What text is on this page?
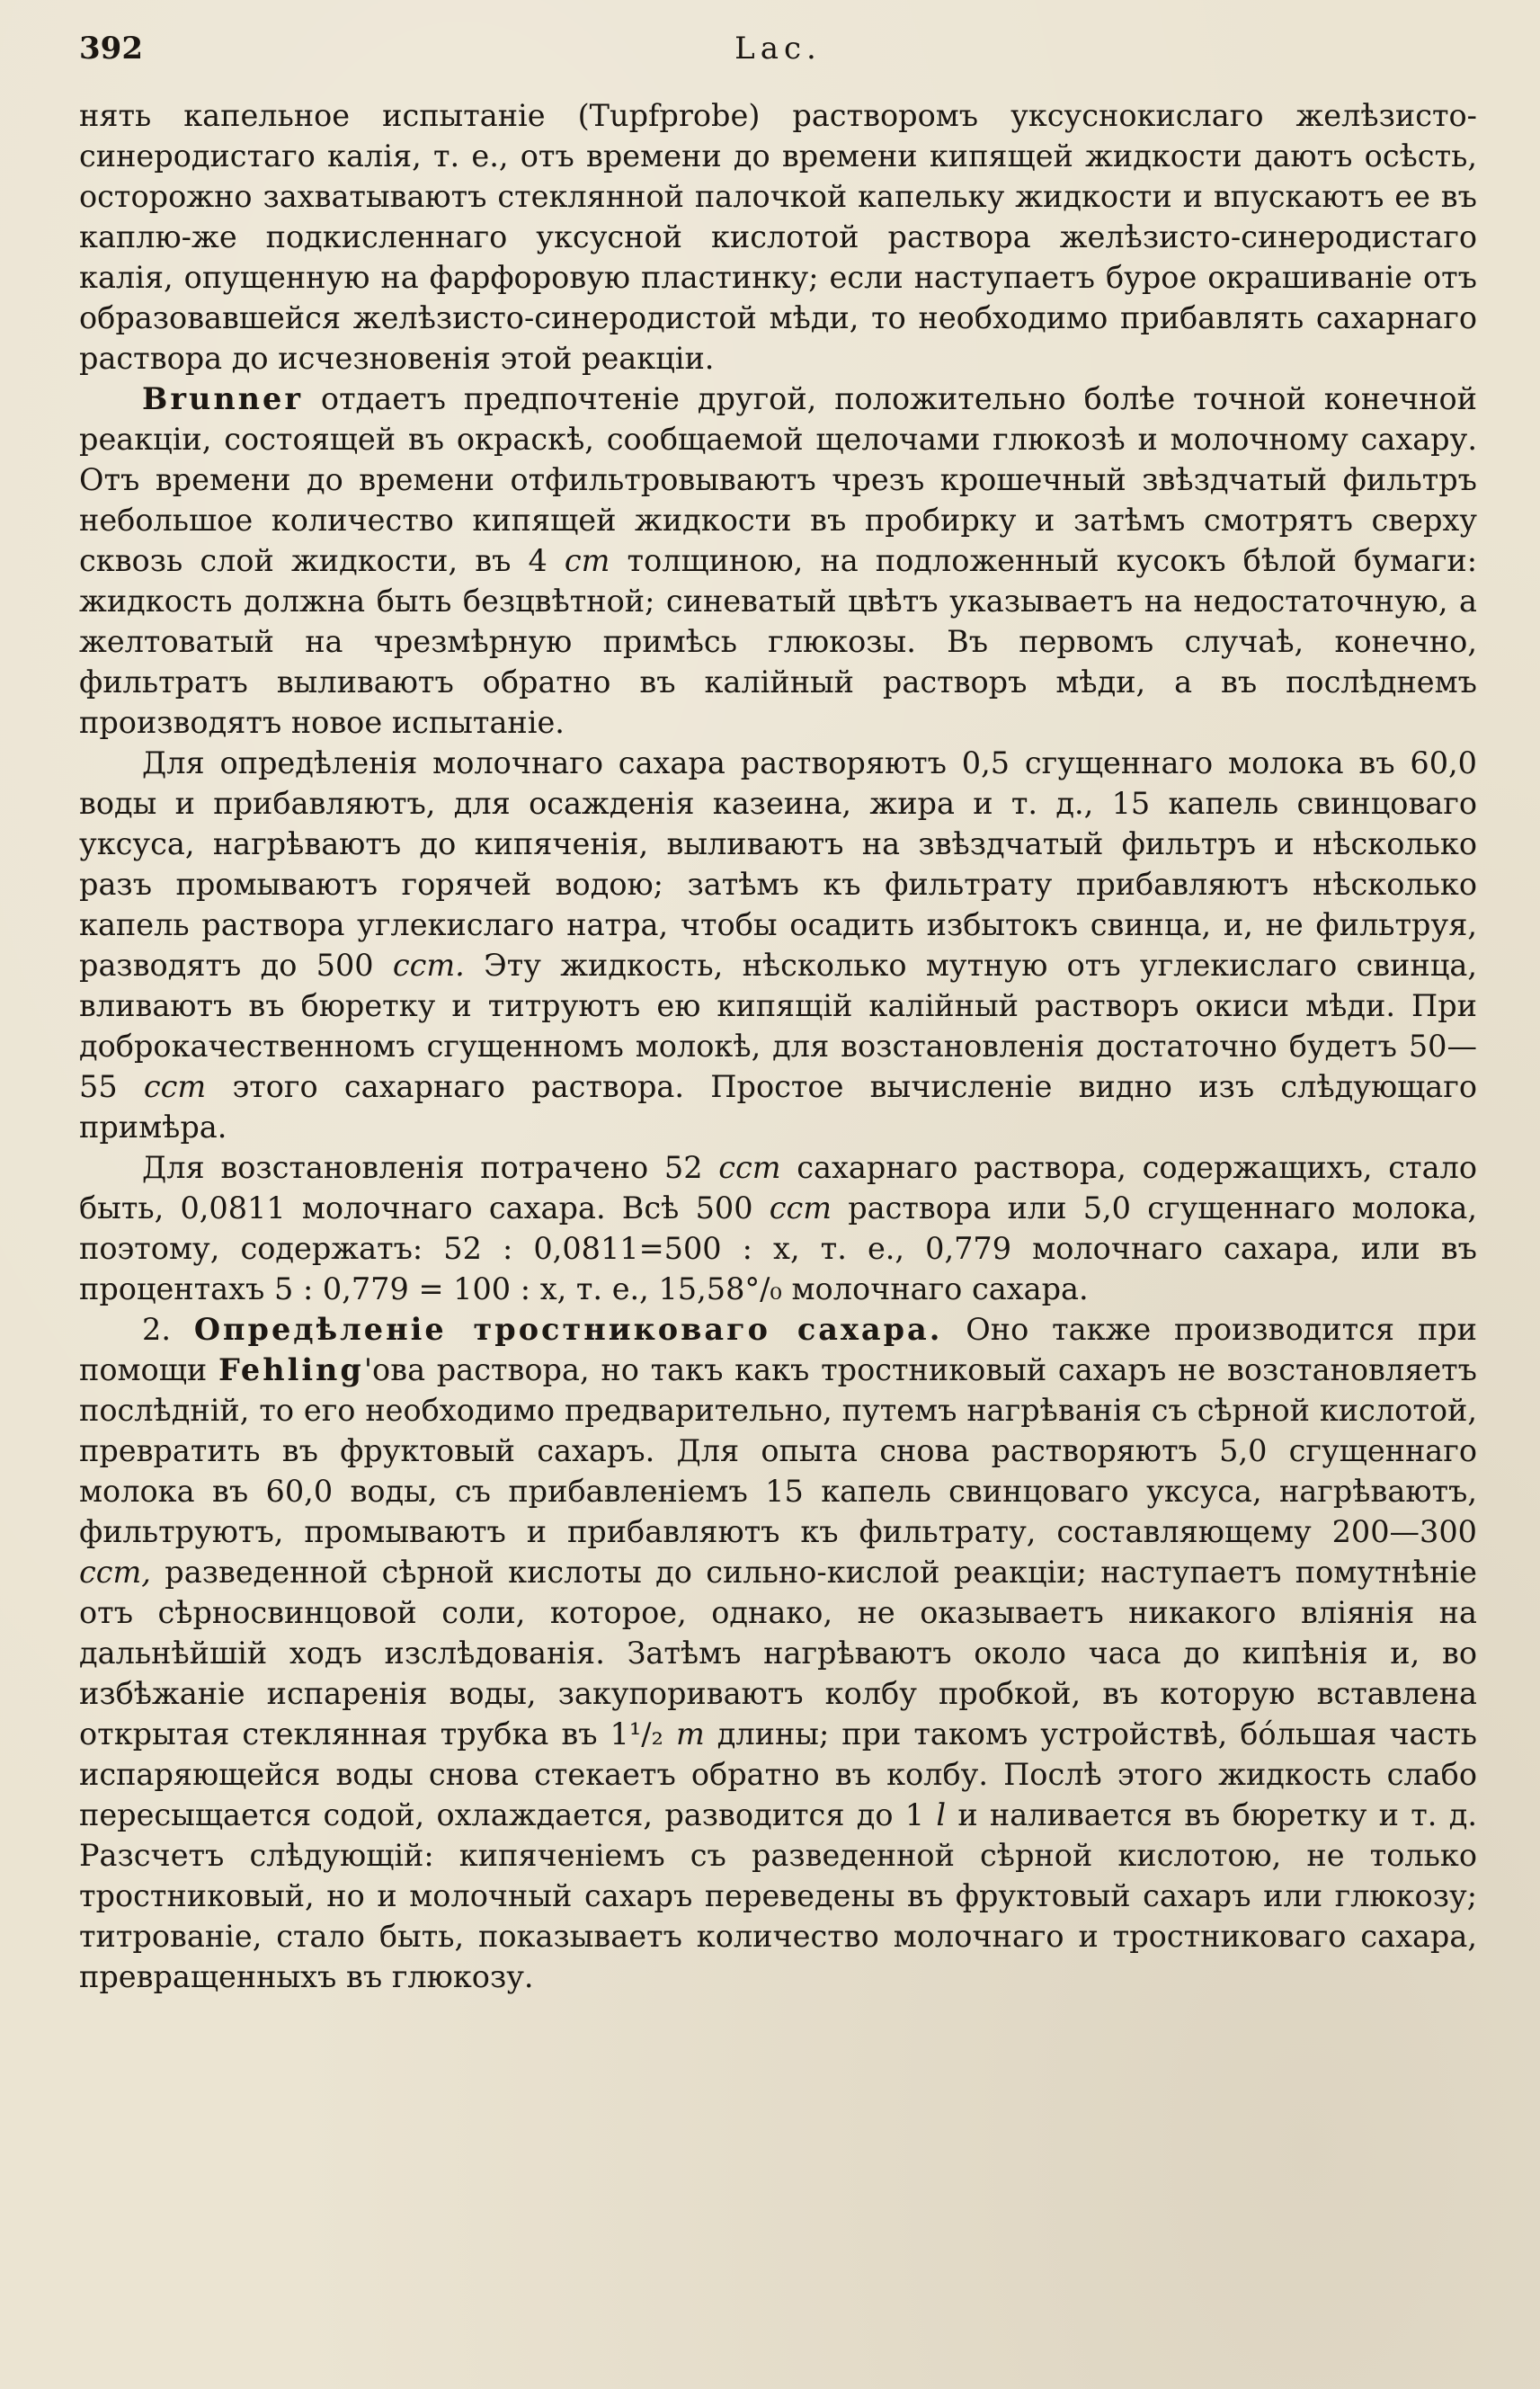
392	Lac.

нять капельное испытаніе (Tupfprobe) растворомъ уксуснокислаго желѣзисто-синеродистаго калія, т. е., отъ времени до времени кипящей жидкости даютъ осѣсть, осторожно захватываютъ стеклянной палочкой капельку жидкости и впускаютъ ее въ каплю-же подкисленнаго уксусной кислотой раствора желѣзисто-синеродистаго калія, опущенную на фарфоровую пластинку; если наступаетъ бурое окрашиваніе отъ образовавшейся желѣзисто-синеродистой мѣди, то необходимо прибавлять сахарнаго раствора до исчезновенія этой реакціи.

Brunner отдаетъ предпочтеніе другой, положительно болѣе точной конечной реакціи, состоящей въ окраскѣ, сообщаемой щелочами глюкозѣ и молочному сахару. Отъ времени до времени отфильтровываютъ чрезъ крошечный звѣздчатый фильтръ небольшое количество кипящей жидкости въ пробирку и затѣмъ смотрятъ сверху сквозь слой жидкости, въ 4 cm толщиною, на подложенный кусокъ бѣлой бумаги: жидкость должна быть безцвѣтной; синеватый цвѣтъ указываетъ на недостаточную, а желтоватый на чрезмѣрную примѣсь глюкозы. Въ первомъ случаѣ, конечно, фильтратъ выливаютъ обратно въ калійный растворъ мѣди, а въ послѣднемъ производятъ новое испытаніе.

Для опредѣленія молочнаго сахара растворяютъ 0,5 сгущеннаго молока въ 60,0 воды и прибавляютъ, для осажденія казеина, жира и т. д., 15 капель свинцоваго уксуса, нагрѣваютъ до кипяченія, выливаютъ на звѣздчатый фильтръ и нѣсколько разъ промываютъ горячей водою; затѣмъ къ фильтрату прибавляютъ нѣсколько капель раствора углекислаго натра, чтобы осадить избытокъ свинца, и, не фильтруя, разводятъ до 500 ccm. Эту жидкость, нѣсколько мутную отъ углекислаго свинца, вливаютъ въ бюретку и титруютъ ею кипящій калійный растворъ окиси мѣди. При доброкачественномъ сгущенномъ молокѣ, для возстановленія достаточно будетъ 50—55 ccm этого сахарнаго раствора. Простое вычисленіе видно изъ слѣдующаго примѣра.

Для возстановленія потрачено 52 ccm сахарнаго раствора, содержащихъ, стало быть, 0,0811 молочнаго сахара. Всѣ 500 ccm раствора или 5,0 сгущеннаго молока, поэтому, содержатъ: 52 : 0,0811=500 : x, т. е., 0,779 молочнаго сахара, или въ процентахъ 5 : 0,779 = 100 : x, т. е., 15,58°/₀ молочнаго сахара.

2. Опредѣленіе тростниковаго сахара. Оно также производится при помощи Fehling'ова раствора, но такъ какъ тростниковый сахаръ не возстановляетъ послѣдній, то его необходимо предварительно, путемъ нагрѣванія съ сѣрной кислотой, превратить въ фруктовый сахаръ. Для опыта снова растворяютъ 5,0 сгущеннаго молока въ 60,0 воды, съ прибавленіемъ 15 капель свинцоваго уксуса, нагрѣваютъ, фильтруютъ, промываютъ и прибавляютъ къ фильтрату, составляющему 200—300 ccm, разведенной сѣрной кислоты до сильно-кислой реакціи; наступаетъ помутнѣніе отъ сѣрносвинцовой соли, которое, однако, не оказываетъ никакого вліянія на дальнѣйшій ходъ изслѣдованія. Затѣмъ нагрѣваютъ около часа до кипѣнія и, во избѣжаніе испаренія воды, закупориваютъ колбу пробкой, въ которую вставлена открытая стеклянная трубка въ 1¹/₂ m длины; при такомъ устройствѣ, бо́льшая часть испаряющейся воды снова стекаетъ обратно въ колбу. Послѣ этого жидкость слабо пересыщается содой, охлаждается, разводится до 1 l и наливается въ бюретку и т. д. Разсчетъ слѣдующій: кипяченіемъ съ разведенной сѣрной кислотою, не только тростниковый, но и молочный сахаръ переведены въ фруктовый сахаръ или глюкозу; титрованіе, стало быть, показываетъ количество молочнаго и тростниковаго сахара, превращенныхъ въ глюкозу.
